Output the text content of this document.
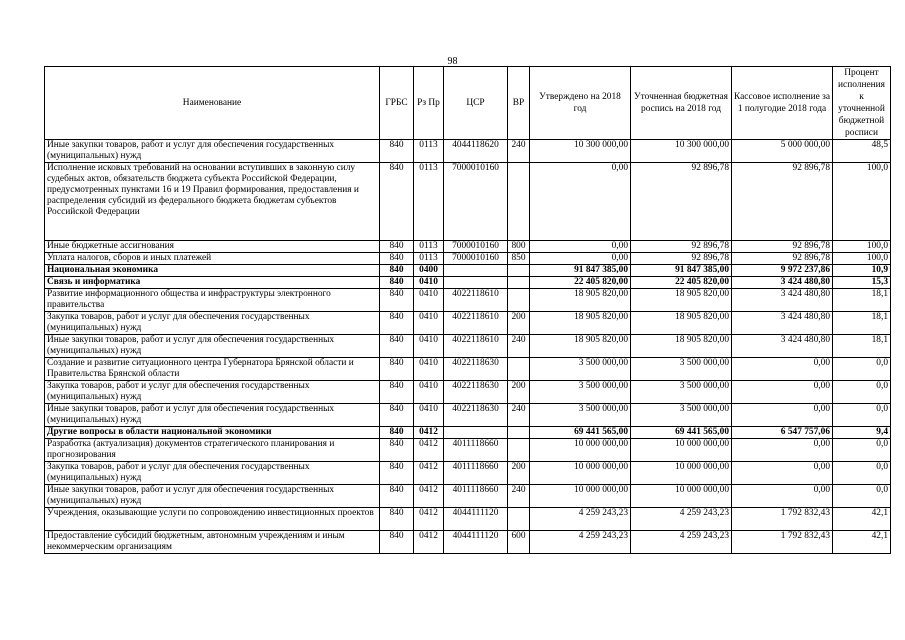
98
Наименование	ГРБС	Рз Пр	ЦСР	ВР	Утверждено на 2018 год	Уточненная бюджетная роспись на 2018 год	Кассовое исполнение за 1 полугодие 2018 года	Процент исполнения к уточненной бюджетной росписи
Иные закупки товаров, работ и услуг для обеспечения государственных (муниципальных) нужд	840	0113	4044118620	240	10 300 000,00	10 300 000,00	5 000 000,00	48,5
Исполнение исковых требований на основании вступивших в законную силу судебных актов, обязательств бюджета субъекта Российской Федерации, предусмотренных пунктами 16 и 19 Правил формирования, предоставления и распределения субсидий из федерального бюджета бюджетам субъектов Российской Федерации	840	0113	7000010160		0,00	92 896,78	92 896,78	100,0
Иные бюджетные ассигнования	840	0113	7000010160	800	0,00	92 896,78	92 896,78	100,0
Уплата налогов, сборов и иных платежей	840	0113	7000010160	850	0,00	92 896,78	92 896,78	100,0
Национальная экономика	840	0400			91 847 385,00	91 847 385,00	9 972 237,86	10,9
Связь и информатика	840	0410			22 405 820,00	22 405 820,00	3 424 480,80	15,3
Развитие информационного общества и инфраструктуры электронного правительства	840	0410	4022118610		18 905 820,00	18 905 820,00	3 424 480,80	18,1
Закупка товаров, работ и услуг для обеспечения государственных (муниципальных) нужд	840	0410	4022118610	200	18 905 820,00	18 905 820,00	3 424 480,80	18,1
Иные закупки товаров, работ и услуг для обеспечения государственных (муниципальных) нужд	840	0410	4022118610	240	18 905 820,00	18 905 820,00	3 424 480,80	18,1
Создание и развитие ситуационного центра Губернатора Брянской области и Правительства Брянской области	840	0410	4022118630		3 500 000,00	3 500 000,00	0,00	0,0
Закупка товаров, работ и услуг для обеспечения государственных (муниципальных) нужд	840	0410	4022118630	200	3 500 000,00	3 500 000,00	0,00	0,0
Иные закупки товаров, работ и услуг для обеспечения государственных (муниципальных) нужд	840	0410	4022118630	240	3 500 000,00	3 500 000,00	0,00	0,0
Другие вопросы в области национальной экономики	840	0412			69 441 565,00	69 441 565,00	6 547 757,06	9,4
Разработка (актуализация) документов стратегического планирования и прогнозирования	840	0412	4011118660		10 000 000,00	10 000 000,00	0,00	0,0
Закупка товаров, работ и услуг для обеспечения государственных (муниципальных) нужд	840	0412	4011118660	200	10 000 000,00	10 000 000,00	0,00	0,0
Иные закупки товаров, работ и услуг для обеспечения государственных (муниципальных) нужд	840	0412	4011118660	240	10 000 000,00	10 000 000,00	0,00	0,0
Учреждения, оказывающие услуги по сопровождению инвестиционных проектов	840	0412	4044111120		4 259 243,23	4 259 243,23	1 792 832,43	42,1
Предоставление субсидий бюджетным, автономным учреждениям и иным некоммерческим организациям	840	0412	4044111120	600	4 259 243,23	4 259 243,23	1 792 832,43	42,1
